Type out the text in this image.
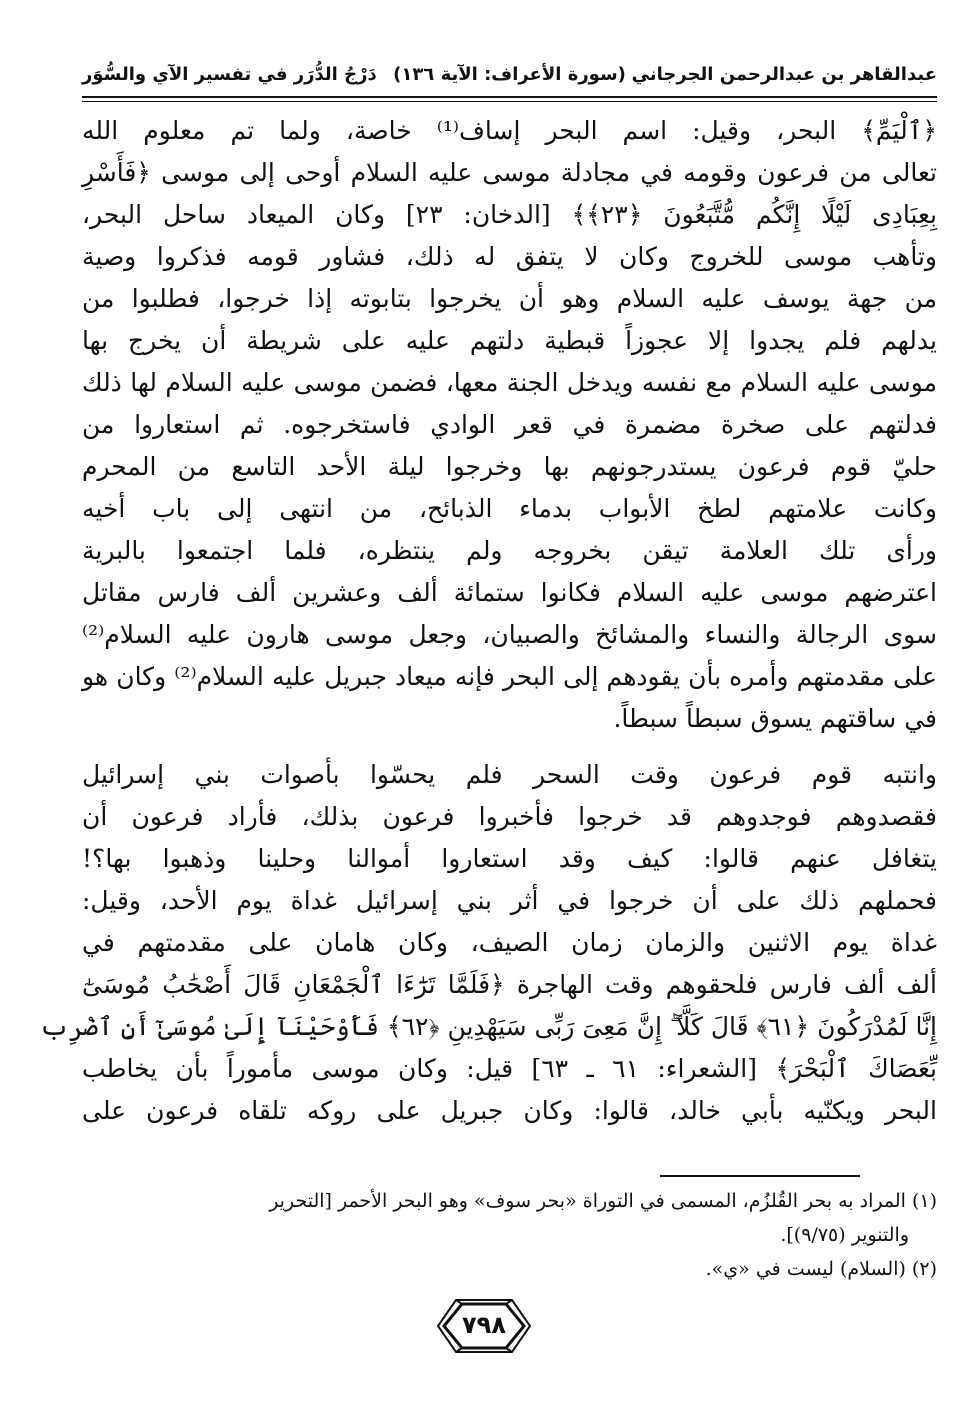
عبدالقاهر بن عبدالرحمن الجرجاني
(سورة الأعراف: الآية ١٣٦)
دَرْجُ الدُّرَر في تفسير الآي والسُّوَر
﴿ٱلْيَمِّ﴾ البحر، وقيل: اسم البحر إساف⁽¹⁾ خاصة، ولما تم معلوم الله
تعالى من فرعون وقومه في مجادلة موسى عليه السلام أوحى إلى موسى ﴿فَأَسْرِ
بِعِبَادِى لَيْلًا إِنَّكُم مُّتَّبَعُونَ ﴿٢٣﴾﴾ [الدخان: ٢٣] وكان الميعاد ساحل البحر،
وتأهب موسى للخروج وكان لا يتفق له ذلك، فشاور قومه فذكروا وصية
من جهة يوسف عليه السلام وهو أن يخرجوا بتابوته إذا خرجوا، فطلبوا من
يدلهم فلم يجدوا إلا عجوزاً قبطية دلتهم عليه على شريطة أن يخرج بها
موسى عليه السلام مع نفسه ويدخل الجنة معها، فضمن موسى عليه السلام لها ذلك
فدلتهم على صخرة مضمرة في قعر الوادي فاستخرجوه. ثم استعاروا من
حليّ قوم فرعون يستدرجونهم بها وخرجوا ليلة الأحد التاسع من المحرم
وكانت علامتهم لطخ الأبواب بدماء الذبائح، من انتهى إلى باب أخيه
ورأى تلك العلامة تيقن بخروجه ولم ينتظره، فلما اجتمعوا بالبرية
اعترضهم موسى عليه السلام فكانوا ستمائة ألف وعشرين ألف فارس مقاتل
سوى الرجالة والنساء والمشائخ والصبيان، وجعل موسى هارون عليه السلام⁽²⁾
على مقدمتهم وأمره بأن يقودهم إلى البحر فإنه ميعاد جبريل عليه السلام⁽²⁾ وكان هو
في ساقتهم يسوق سبطاً سبطاً.
وانتبه قوم فرعون وقت السحر فلم يحسّوا بأصوات بني إسرائيل
فقصدوهم فوجدوهم قد خرجوا فأخبروا فرعون بذلك، فأراد فرعون أن
يتغافل عنهم قالوا: كيف وقد استعاروا أموالنا وحلينا وذهبوا بها؟!
فحملهم ذلك على أن خرجوا في أثر بني إسرائيل غداة يوم الأحد، وقيل:
غداة يوم الاثنين والزمان زمان الصيف، وكان هامان على مقدمتهم في
ألف ألف فارس فلحقوهم وقت الهاجرة ﴿فَلَمَّا تَرَٰٓءَا ٱلْجَمْعَانِ قَالَ أَصْحَٰبُ مُوسَىٰٓ
إِنَّا لَمُدْرَكُونَ ﴿٦١﴾ قَالَ كَلَّآ ۖ إِنَّ مَعِىَ رَبِّى سَيَهْدِينِ ﴿٦٢﴾ فَأَوْحَيْنَآ إِلَىٰ مُوسَىٰٓ أَنِ ٱضْرِب
بِّعَصَاكَ ٱلْبَحْرَ﴾ [الشعراء: ٦١ ـ ٦٣] قيل: وكان موسى مأموراً بأن يخاطب
البحر ويكنّيه بأبي خالد، قالوا: وكان جبريل على روكه تلقاه فرعون على
(١) المراد به بحر القُلزُم، المسمى في التوراة «بحر سوف» وهو البحر الأحمر [التحرير
والتنوير (٩/٧٥)].
(٢) (السلام) ليست في «ي».
٧٩٨
